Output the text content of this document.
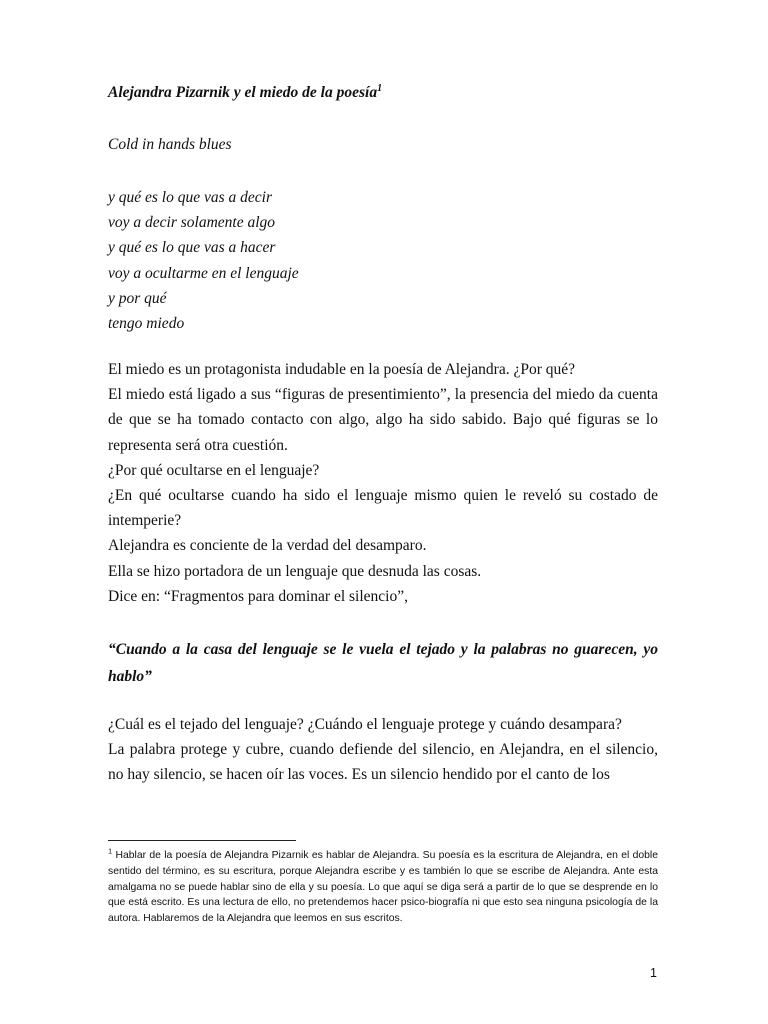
Alejandra Pizarnik y el miedo de la poesía$^1$
Cold in hands blues
y qué es lo que vas a decir
voy a decir solamente algo
y qué es lo que vas a hacer
voy a ocultarme en el lenguaje
y por qué
tengo miedo

El miedo es un protagonista indudable en la poesía de Alejandra. ¿Por qué?

El miedo está ligado a sus “figuras de presentimiento”, la presencia del miedo da cuenta de que se ha tomado contacto con algo, algo ha sido sabido. Bajo qué figuras se lo representa será otra cuestión.

¿Por qué ocultarse en el lenguaje?

¿En qué ocultarse cuando ha sido el lenguaje mismo quien le reveló su costado de intemperie?

Alejandra es conciente de la verdad del desamparo.

Ella se hizo portadora de un lenguaje que desnuda las cosas.

Dice en: “Fragmentos para dominar el silencio”,

“Cuando a la casa del lenguaje se le vuela el tejado y la palabras no guarecen, yo hablo”

¿Cuál es el tejado del lenguaje? ¿Cuándo el lenguaje protege y cuándo desampara?

La palabra protege y cubre, cuando defiende del silencio, en Alejandra, en el silencio, no hay silencio, se hacen oír las voces. Es un silencio hendido por el canto de los

$^1$ Hablar de la poesía de Alejandra Pizarnik es hablar de Alejandra. Su poesía es la escritura de Alejandra, en el doble sentido del término, es su escritura, porque Alejandra escribe y es también lo que se escribe de Alejandra. Ante esta amalgama no se puede hablar sino de ella y su poesía. Lo que aquí se diga será a partir de lo que se desprende en lo que está escrito. Es una lectura de ello, no pretendemos hacer psico-biografía ni que esto sea ninguna psicología de la autora. Hablaremos de la Alejandra que leemos en sus escritos.
1
